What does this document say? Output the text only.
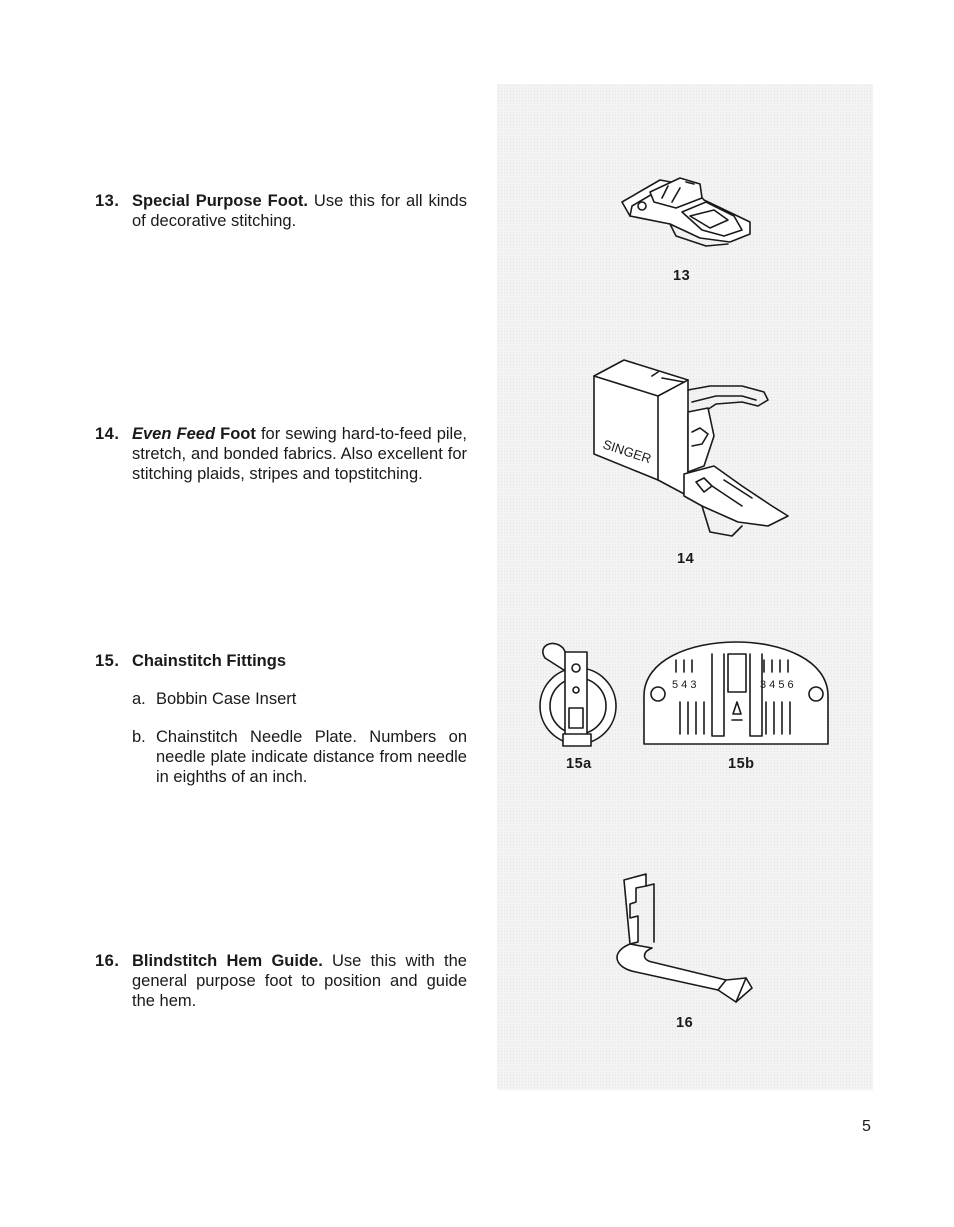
13. Special Purpose Foot. Use this for all kinds of decorative stitching.
14. Even Feed Foot for sewing hard-to-feed pile, stretch, and bonded fabrics. Also excellent for stitching plaids, stripes and topstitching.
15. Chainstitch Fittings
a. Bobbin Case Insert
b. Chainstitch Needle Plate. Numbers on needle plate indicate distance from needle in eighths of an inch.
16. Blindstitch Hem Guide. Use this with the general purpose foot to position and guide the hem.
13
SINGER
14
15a
5 4 3	3 4 5 6
15b
16
5
